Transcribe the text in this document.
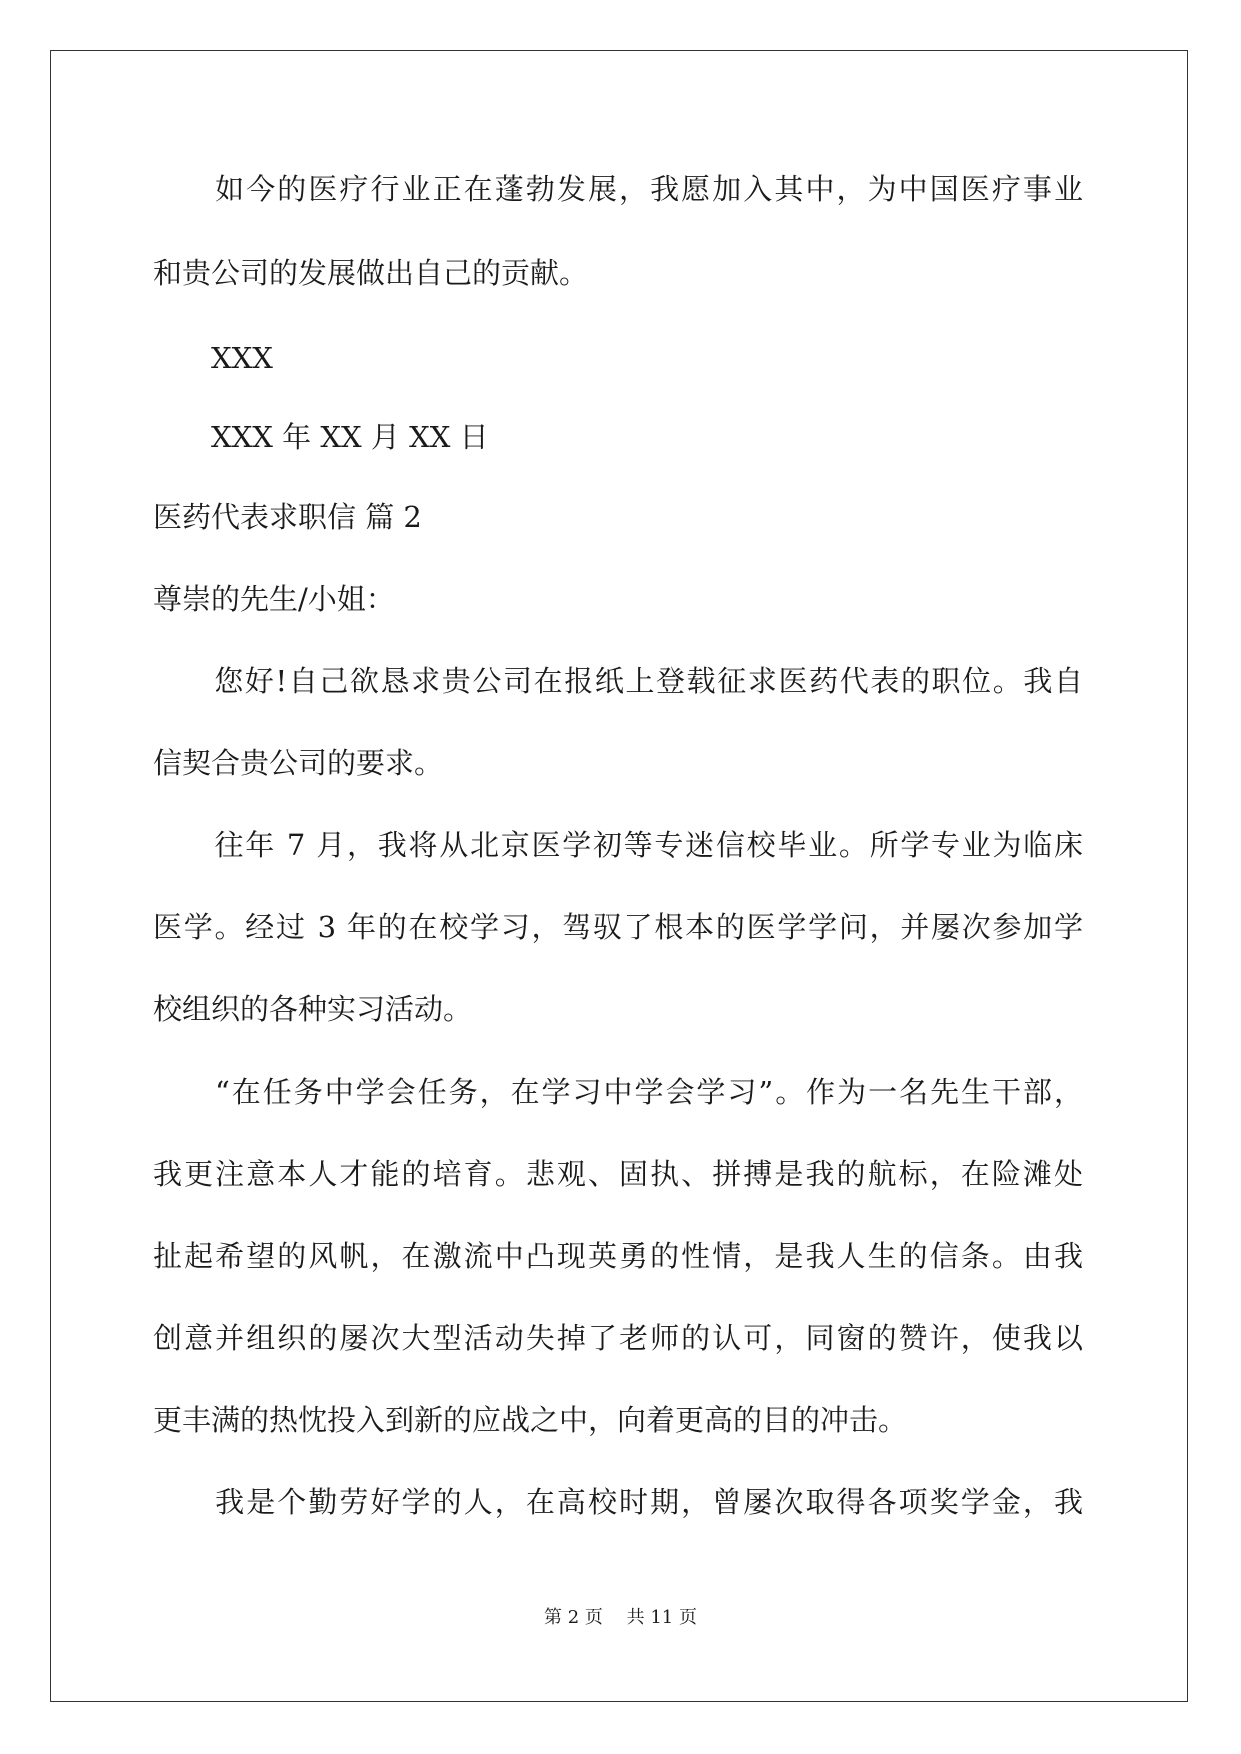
　　如今的医疗行业正在蓬勃发展，我愿加入其中，为中国医疗事业

和贵公司的发展做出自己的贡献。

　　XXX

　　XXX 年 XX 月 XX 日

医药代表求职信 篇 2

尊崇的先生/小姐：

　　您好!自己欲恳求贵公司在报纸上登载征求医药代表的职位。我自

信契合贵公司的要求。

　　往年 7 月，我将从北京医学初等专迷信校毕业。所学专业为临床

医学。经过 3 年的在校学习，驾驭了根本的医学学问，并屡次参加学

校组织的各种实习活动。

　　“在任务中学会任务，在学习中学会学习”。作为一名先生干部，

我更注意本人才能的培育。悲观、固执、拼搏是我的航标，在险滩处

扯起希望的风帆，在激流中凸现英勇的性情，是我人生的信条。由我

创意并组织的屡次大型活动失掉了老师的认可，同窗的赞许，使我以

更丰满的热忱投入到新的应战之中，向着更高的目的冲击。

　　我是个勤劳好学的人，在高校时期，曾屡次取得各项奖学金，我

第 2 页　 共 11 页
